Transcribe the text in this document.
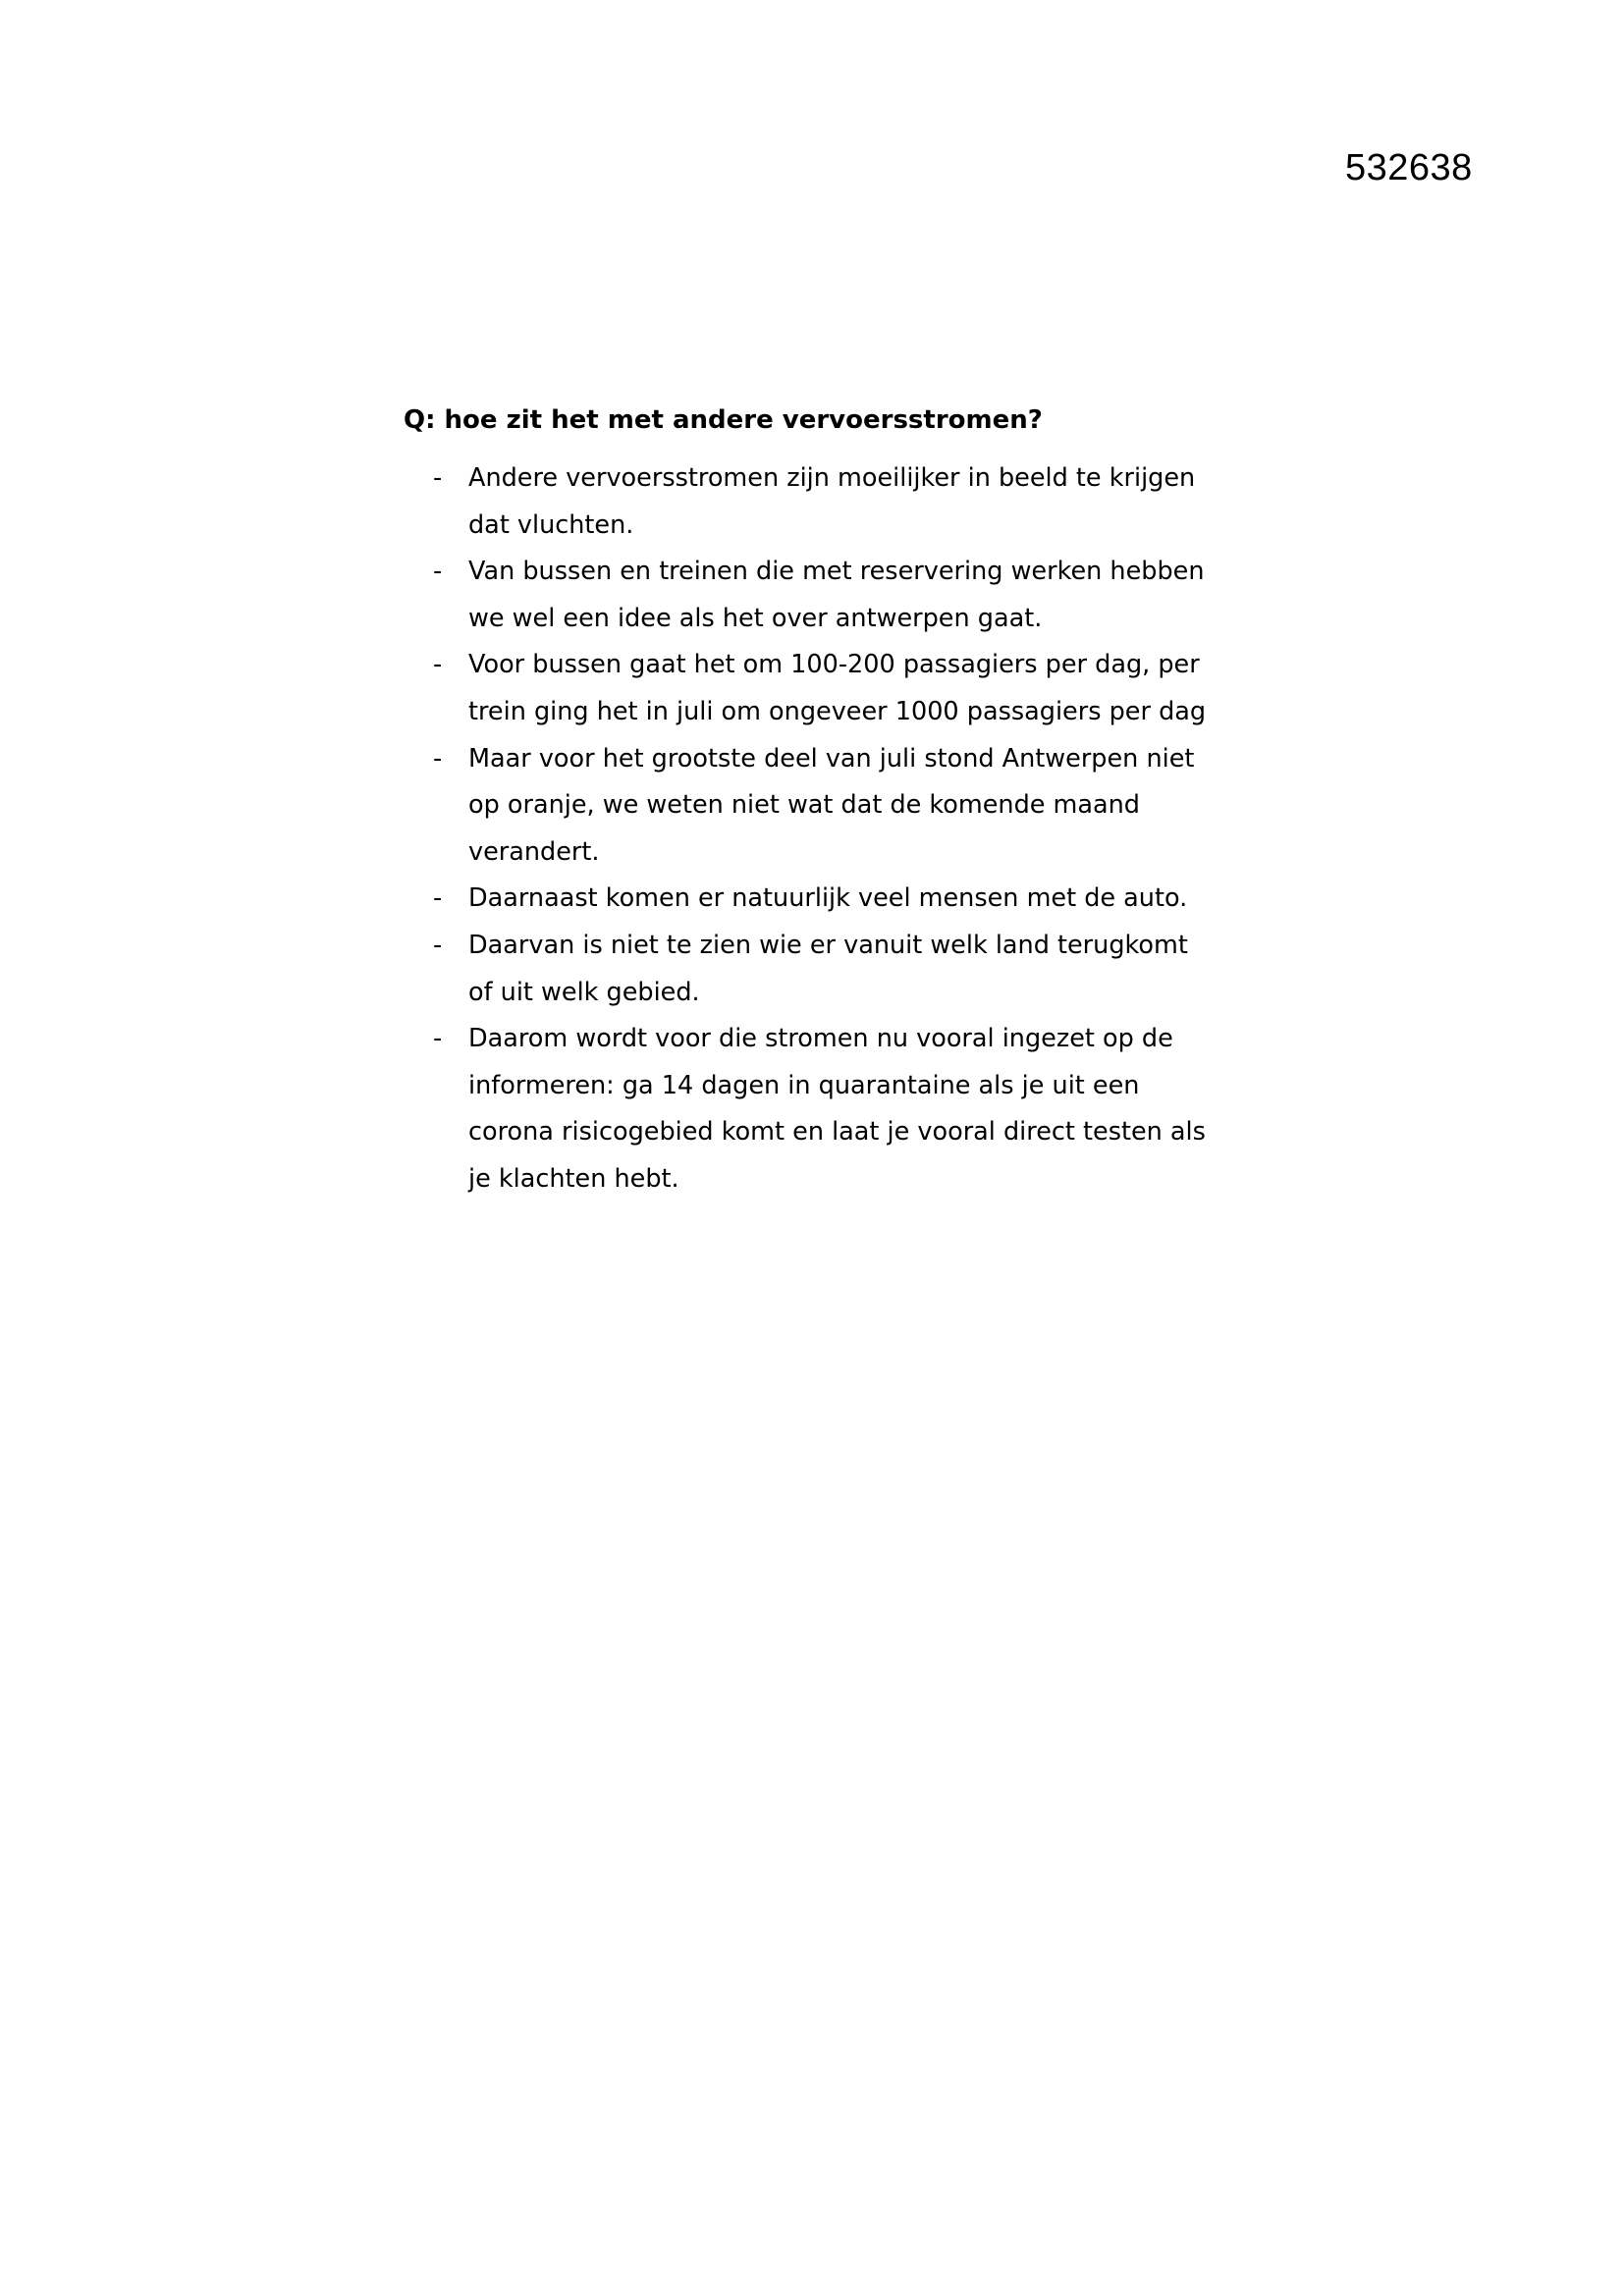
532638
Q: hoe zit het met andere vervoersstromen?
- Andere vervoersstromen zijn moeilijker in beeld te krijgen
dat vluchten.
- Van bussen en treinen die met reservering werken hebben
we wel een idee als het over antwerpen gaat.
- Voor bussen gaat het om 100-200 passagiers per dag, per
trein ging het in juli om ongeveer 1000 passagiers per dag
- Maar voor het grootste deel van juli stond Antwerpen niet
op oranje, we weten niet wat dat de komende maand
verandert.
- Daarnaast komen er natuurlijk veel mensen met de auto.
- Daarvan is niet te zien wie er vanuit welk land terugkomt
of uit welk gebied.
- Daarom wordt voor die stromen nu vooral ingezet op de
informeren: ga 14 dagen in quarantaine als je uit een
corona risicogebied komt en laat je vooral direct testen als
je klachten hebt.
